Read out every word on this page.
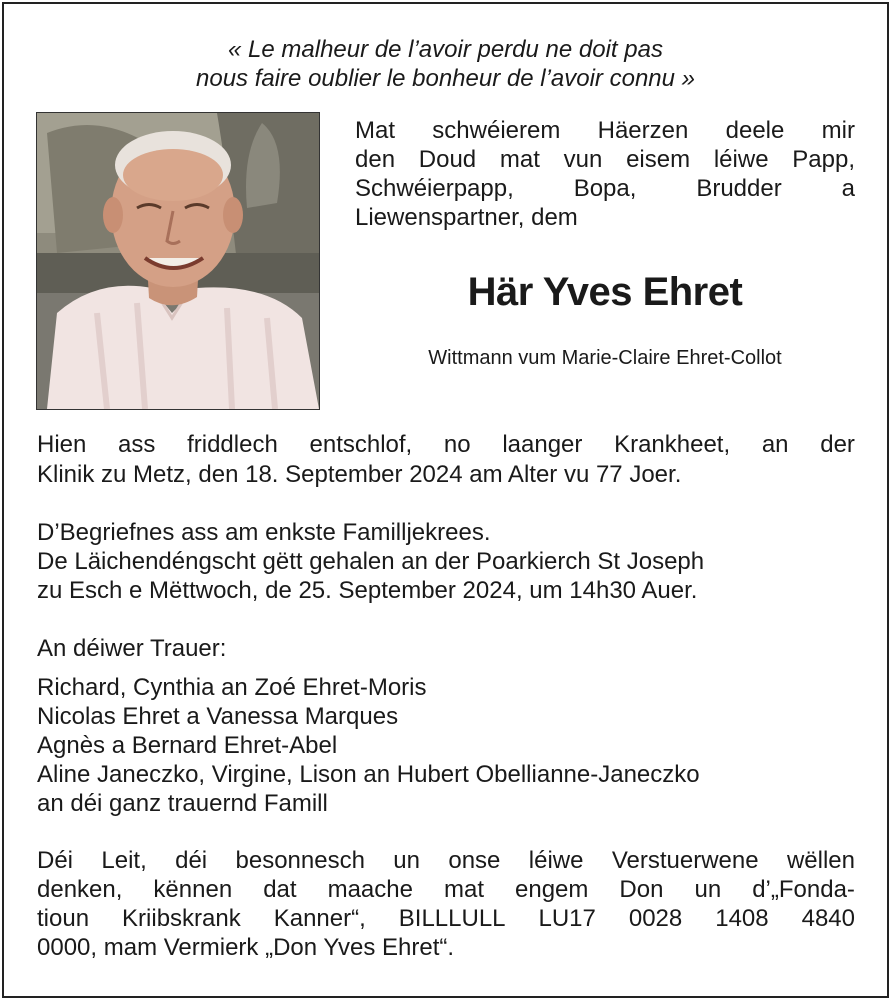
« Le malheur de l’avoir perdu ne doit pas
nous faire oublier le bonheur de l’avoir connu »
Mat schwéierem Häerzen deele mir
den Doud mat vun eisem léiwe Papp,
Schwéierpapp, Bopa, Brudder a
Liewenspartner, dem
Här Yves Ehret
Wittmann vum Marie-Claire Ehret-Collot
Hien ass friddlech entschlof, no laanger Krankheet, an der
Klinik zu Metz, den 18. September 2024 am Alter vu 77 Joer.
D’Begriefnes ass am enkste Familljekrees.
De Läichendéngscht gëtt gehalen an der Poarkierch St Joseph
zu Esch e Mëttwoch, de 25. September 2024, um 14h30 Auer.
An déiwer Trauer:
Richard, Cynthia an Zoé Ehret-Moris
Nicolas Ehret a Vanessa Marques
Agnès a Bernard Ehret-Abel
Aline Janeczko, Virgine, Lison an Hubert Obellianne-Janeczko
an déi ganz trauernd Famill
Déi Leit, déi besonnesch un onse léiwe Verstuerwene wëllen
denken, kënnen dat maache mat engem Don un d’„Fonda-
tioun Kriibskrank Kanner“, BILLLULL LU17 0028 1408 4840
0000, mam Vermierk „Don Yves Ehret“.
